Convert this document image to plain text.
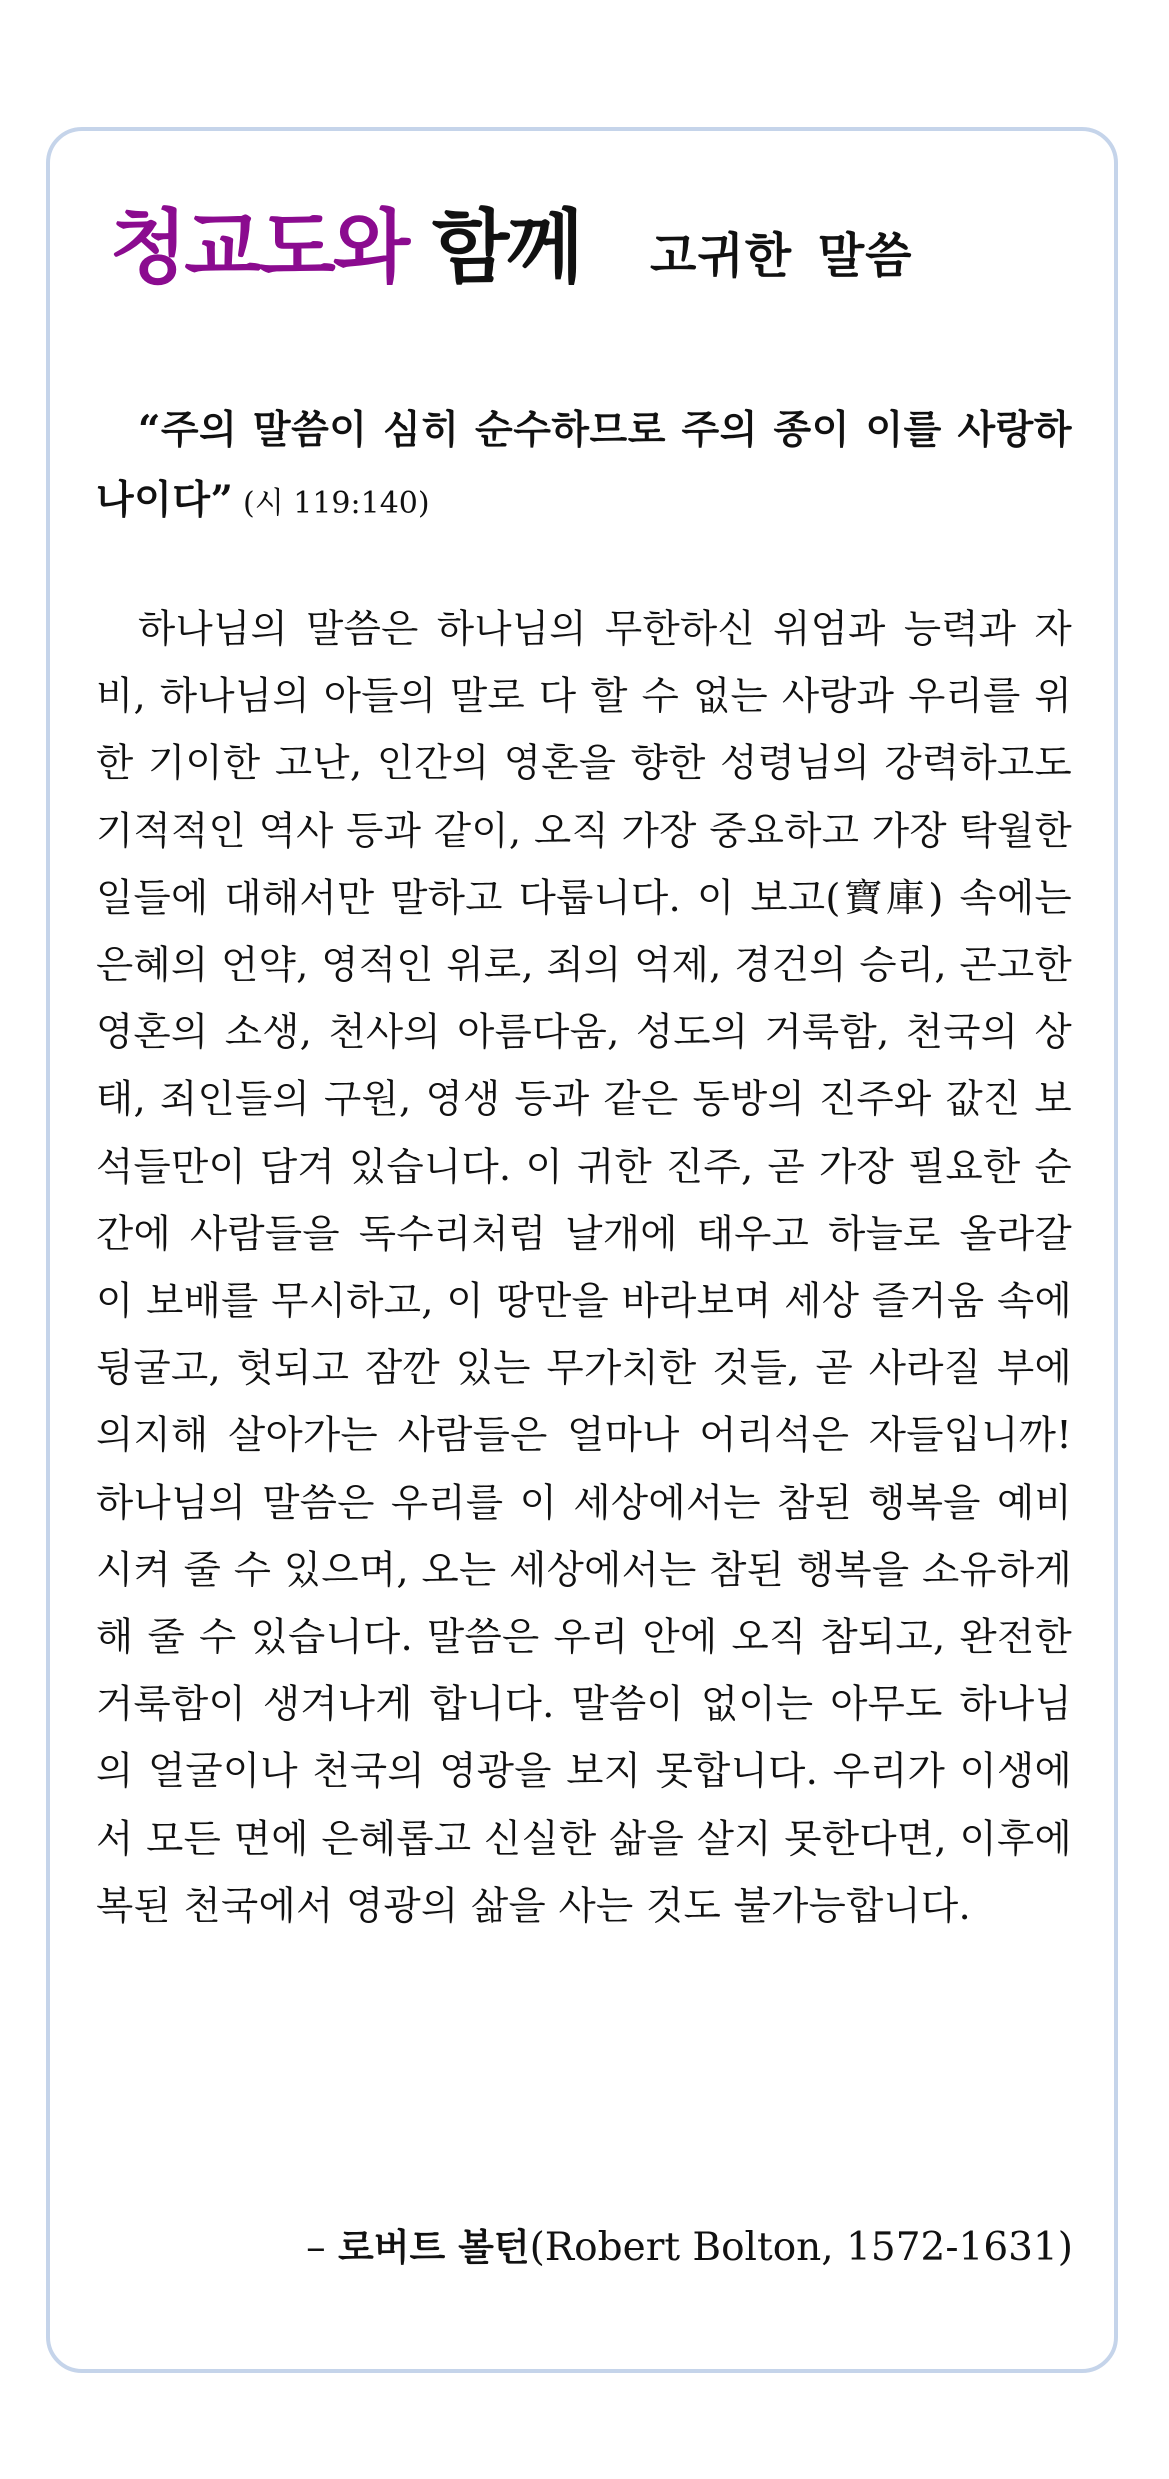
청교도와 함께 고귀한 말씀

“주의 말씀이 심히 순수하므로 주의 종이 이를 사랑하나이다” (시 119:140)

하나님의 말씀은 하나님의 무한하신 위엄과 능력과 자비, 하나님의 아들의 말로 다 할 수 없는 사랑과 우리를 위한 기이한 고난, 인간의 영혼을 향한 성령님의 강력하고도 기적적인 역사 등과 같이, 오직 가장 중요하고 가장 탁월한 일들에 대해서만 말하고 다룹니다. 이 보고(寶庫) 속에는 은혜의 언약, 영적인 위로, 죄의 억제, 경건의 승리, 곤고한 영혼의 소생, 천사의 아름다움, 성도의 거룩함, 천국의 상태, 죄인들의 구원, 영생 등과 같은 동방의 진주와 값진 보석들만이 담겨 있습니다. 이 귀한 진주, 곧 가장 필요한 순간에 사람들을 독수리처럼 날개에 태우고 하늘로 올라갈 이 보배를 무시하고, 이 땅만을 바라보며 세상 즐거움 속에 뒹굴고, 헛되고 잠깐 있는 무가치한 것들, 곧 사라질 부에 의지해 살아가는 사람들은 얼마나 어리석은 자들입니까! 하나님의 말씀은 우리를 이 세상에서는 참된 행복을 예비시켜 줄 수 있으며, 오는 세상에서는 참된 행복을 소유하게 해 줄 수 있습니다. 말씀은 우리 안에 오직 참되고, 완전한 거룩함이 생겨나게 합니다. 말씀이 없이는 아무도 하나님의 얼굴이나 천국의 영광을 보지 못합니다. 우리가 이생에서 모든 면에 은혜롭고 신실한 삶을 살지 못한다면, 이후에 복된 천국에서 영광의 삶을 사는 것도 불가능합니다.

– 로버트 볼턴(Robert Bolton, 1572-1631)
